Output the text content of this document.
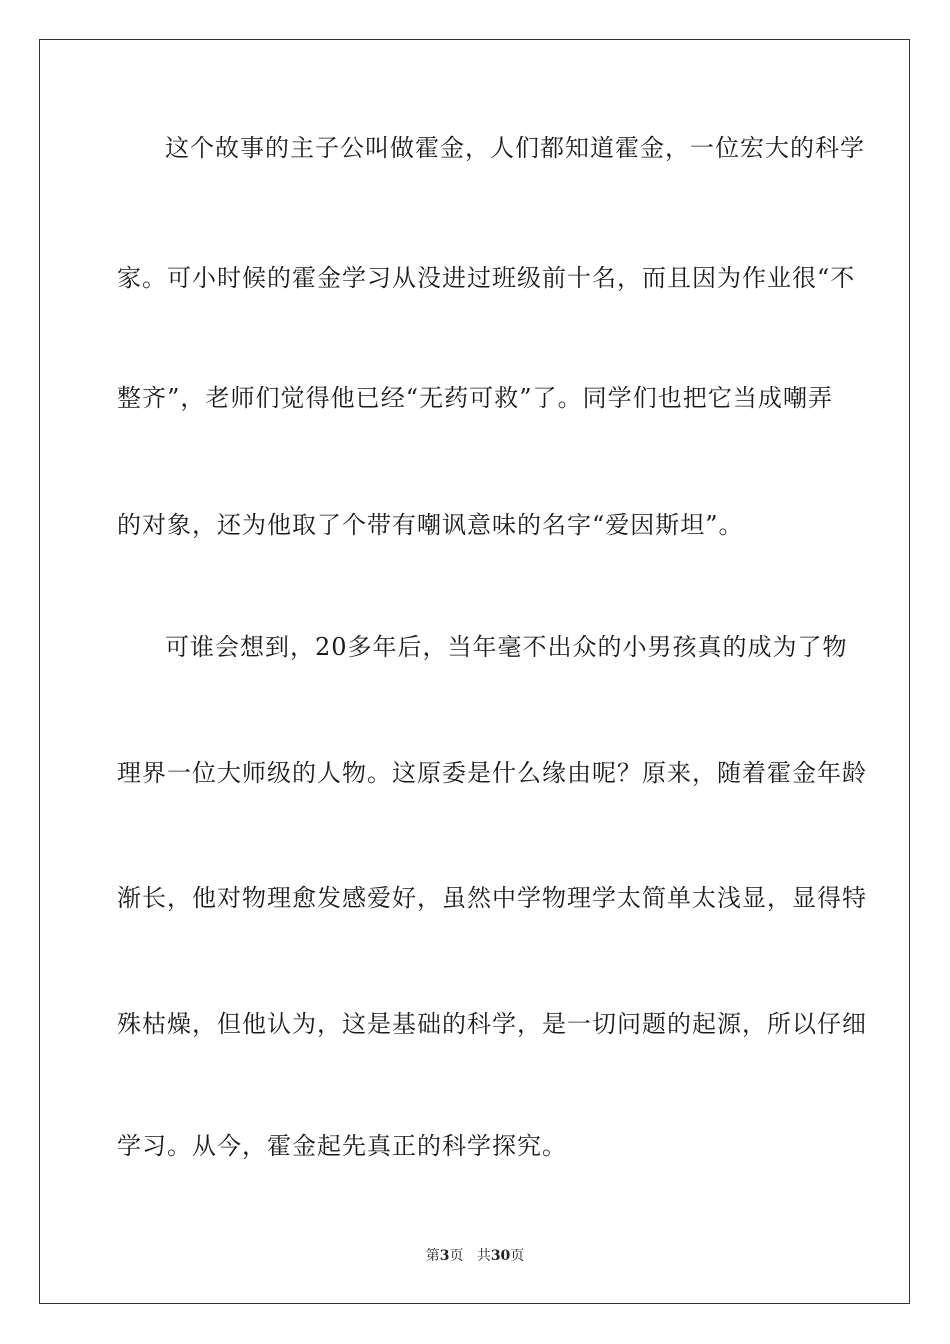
这个故事的主子公叫做霍金，人们都知道霍金，一位宏大的科学
家。可小时候的霍金学习从没进过班级前十名，而且因为作业很“不
整齐”，老师们觉得他已经“无药可救”了。同学们也把它当成嘲弄
的对象，还为他取了个带有嘲讽意味的名字“爱因斯坦”。
可谁会想到，20多年后，当年毫不出众的小男孩真的成为了物
理界一位大师级的人物。这原委是什么缘由呢？原来，随着霍金年龄
渐长，他对物理愈发感爱好，虽然中学物理学太简单太浅显，显得特
殊枯燥，但他认为，这是基础的科学，是一切问题的起源，所以仔细
学习。从今，霍金起先真正的科学探究。
第3页 共30页
